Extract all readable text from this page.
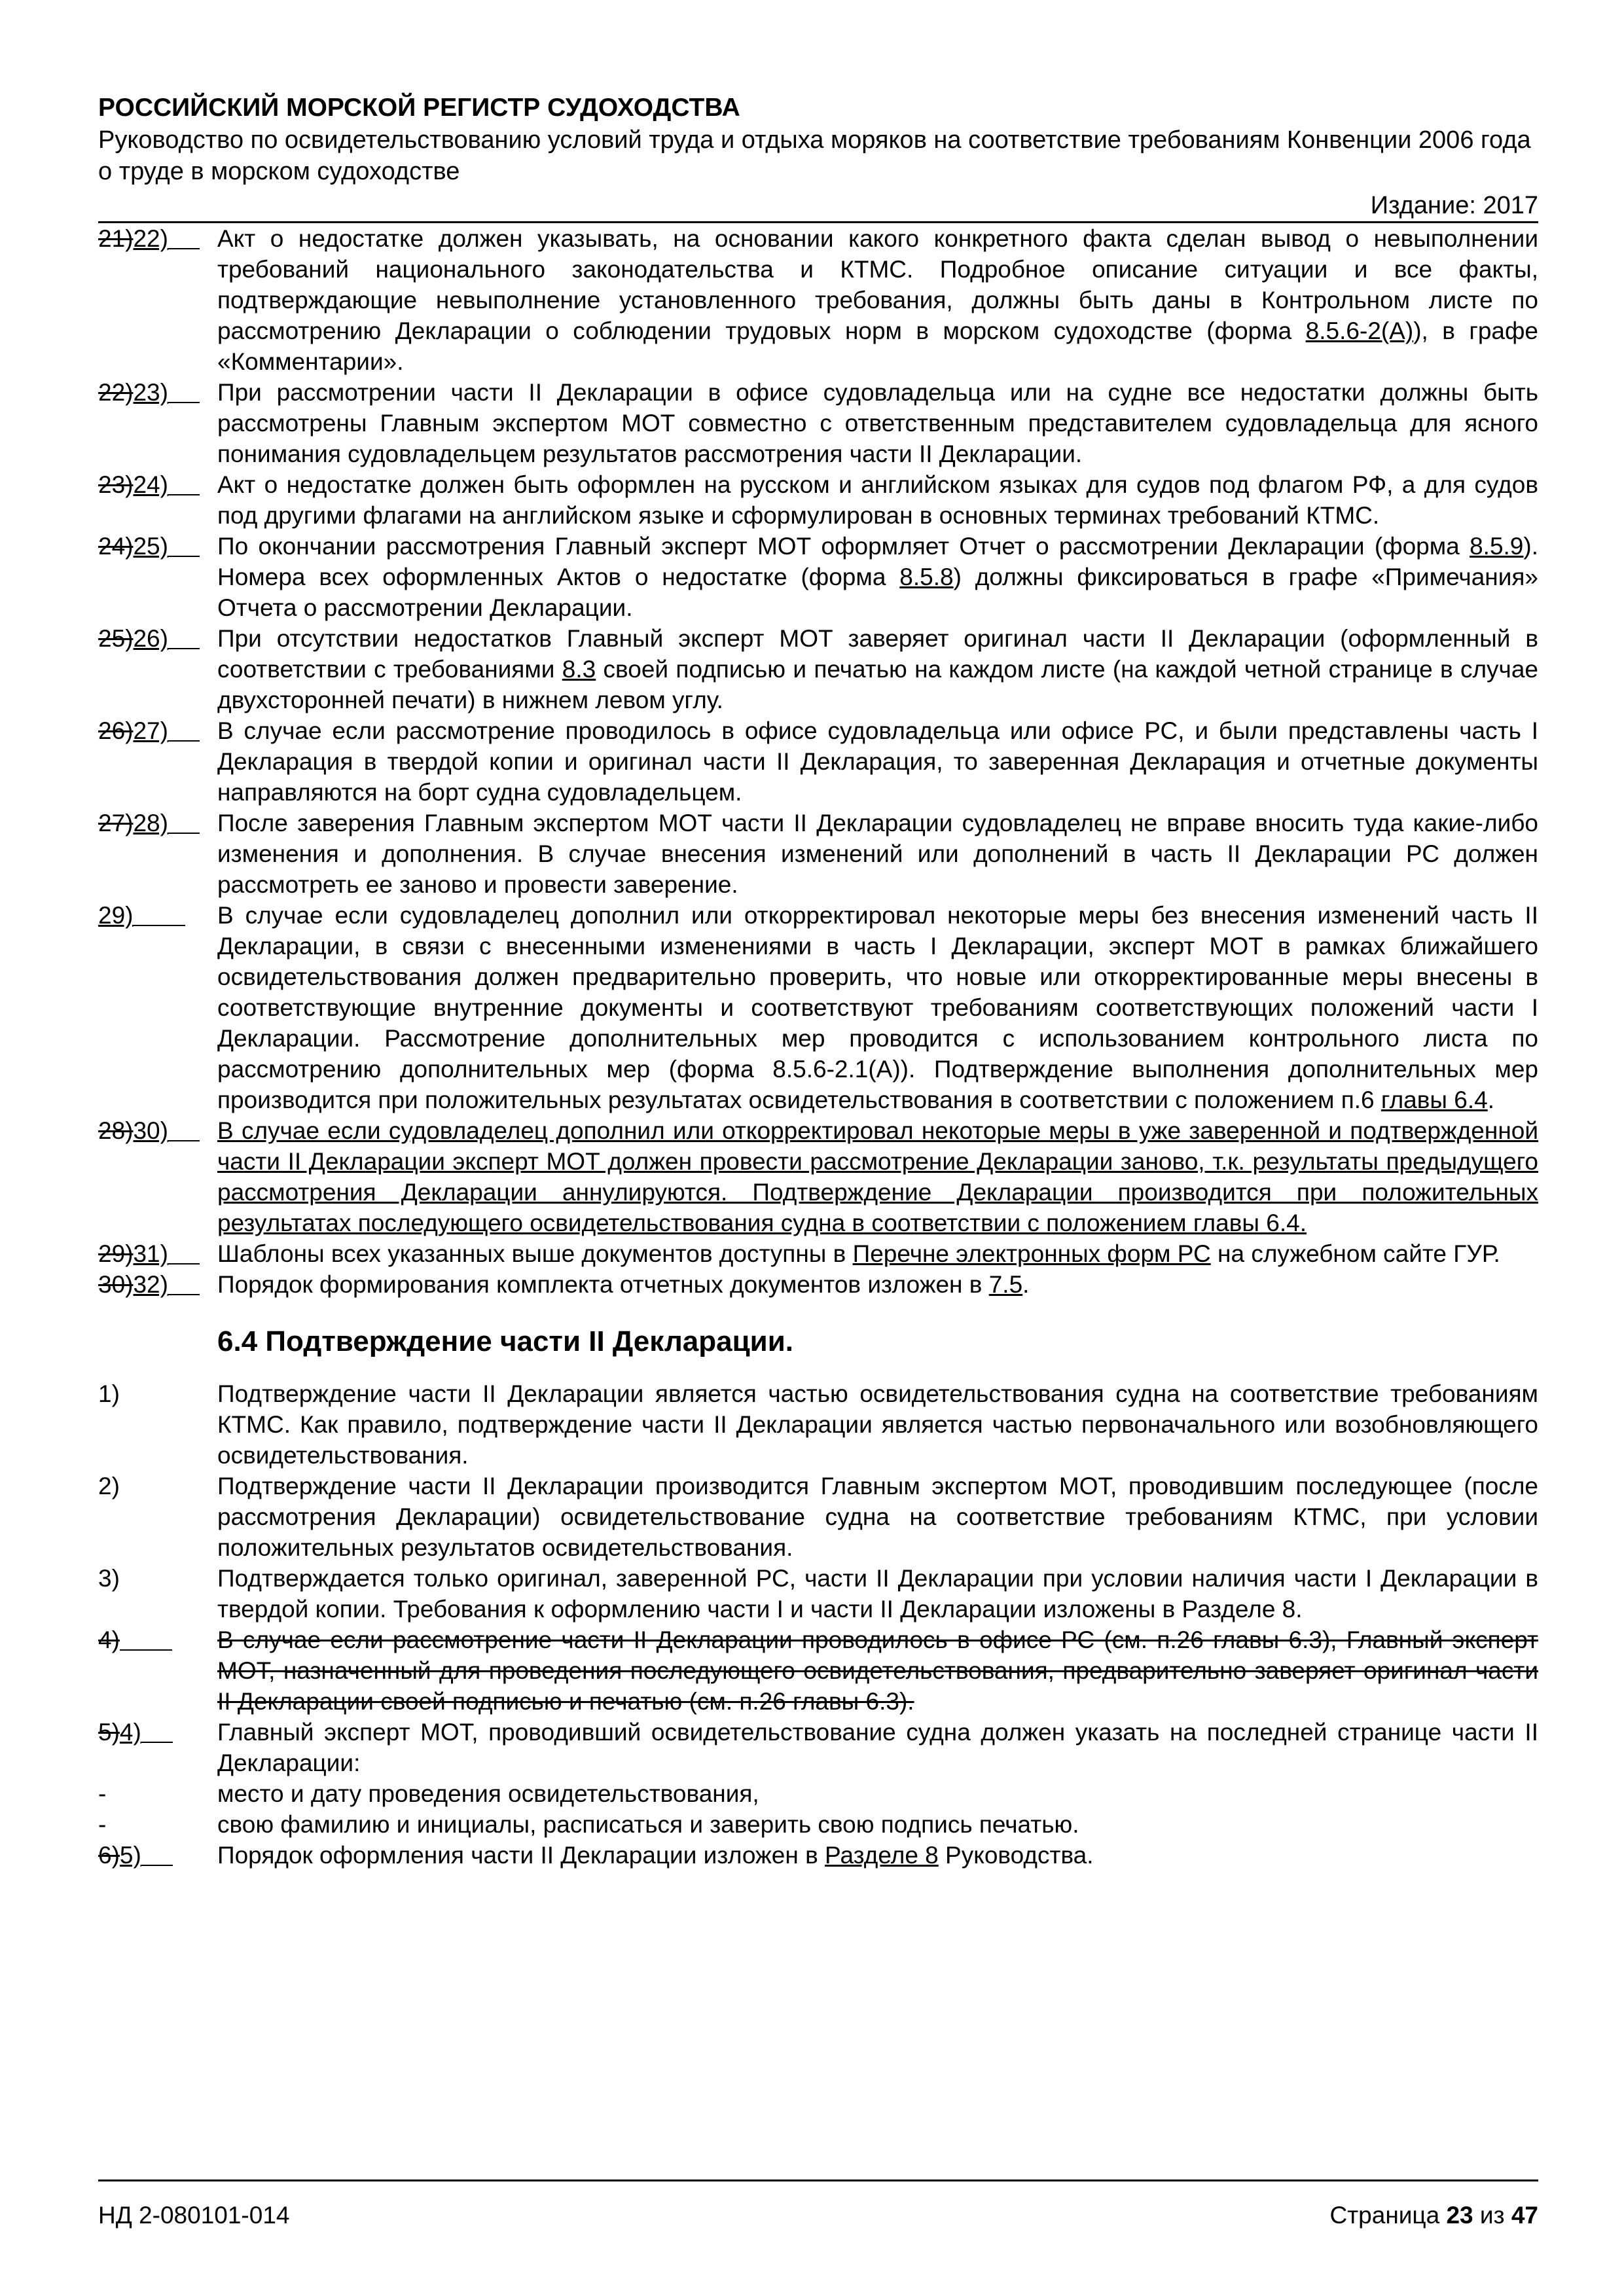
РОССИЙСКИЙ МОРСКОЙ РЕГИСТР СУДОХОДСТВА

Руководство по освидетельствованию условий труда и отдыха моряков на соответствие требованиям Конвенции 2006 года о труде в морском судоходстве

Издание: 2017
21)22)	Акт о недостатке должен указывать, на основании какого конкретного факта сделан вывод о невыполнении требований национального законодательства и КТМС. Подробное описание ситуации и все факты, подтверждающие невыполнение установленного требования, должны быть даны в Контрольном листе по рассмотрению Декларации о соблюдении трудовых норм в морском судоходстве (форма 8.5.6-2(А)), в графе «Комментарии».
22)23)	При рассмотрении части II Декларации в офисе судовладельца или на судне все недостатки должны быть рассмотрены Главным экспертом МОТ совместно с ответственным представителем судовладельца для ясного понимания судовладельцем результатов рассмотрения части II Декларации.
23)24)	Акт о недостатке должен быть оформлен на русском и английском языках для судов под флагом РФ, а для судов под другими флагами на английском языке и сформулирован в основных терминах требований КТМС.
24)25)	По окончании рассмотрения Главный эксперт МОТ оформляет Отчет о рассмотрении Декларации (форма 8.5.9). Номера всех оформленных Актов о недостатке (форма 8.5.8) должны фиксироваться в графе «Примечания» Отчета о рассмотрении Декларации.
25)26)	При отсутствии недостатков Главный эксперт МОТ заверяет оригинал части II Декларации (оформленный в соответствии с требованиями 8.3 своей подписью и печатью на каждом листе (на каждой четной странице в случае двухсторонней печати) в нижнем левом углу.
26)27)	В случае если рассмотрение проводилось в офисе судовладельца или офисе РС, и были представлены часть I Декларация в твердой копии и оригинал части II Декларация, то заверенная Декларация и отчетные документы направляются на борт судна судовладельцем.
27)28)	После заверения Главным экспертом МОТ части II Декларации судовладелец не вправе вносить туда какие-либо изменения и дополнения. В случае внесения изменений или дополнений в часть II Декларации РС должен рассмотреть ее заново и провести заверение.
29)	В случае если судовладелец дополнил или откорректировал некоторые меры без внесения изменений часть II Декларации, в связи с внесенными изменениями в часть I Декларации, эксперт МОТ в рамках ближайшего освидетельствования должен предварительно проверить, что новые или откорректированные меры внесены в соответствующие внутренние документы и соответствуют требованиям соответствующих положений части I Декларации. Рассмотрение дополнительных мер проводится с использованием контрольного листа по рассмотрению дополнительных мер (форма 8.5.6-2.1(А)). Подтверждение выполнения дополнительных мер производится при положительных результатах освидетельствования в соответствии с положением п.6 главы 6.4.
28)30)	В случае если судовладелец дополнил или откорректировал некоторые меры в уже заверенной и подтвержденной части II Декларации эксперт МОТ должен провести рассмотрение Декларации заново, т.к. результаты предыдущего рассмотрения Декларации аннулируются. Подтверждение Декларации производится при положительных результатах последующего освидетельствования судна в соответствии с положением главы 6.4.
29)31)	Шаблоны всех указанных выше документов доступны в Перечне электронных форм РС на служебном сайте ГУР.
30)32)	Порядок формирования комплекта отчетных документов изложен в 7.5.
6.4 Подтверждение части II Декларации.
1)	Подтверждение части II Декларации является частью освидетельствования судна на соответствие требованиям КТМС. Как правило, подтверждение части II Декларации является частью первоначального или возобновляющего освидетельствования.
2)	Подтверждение части II Декларации производится Главным экспертом МОТ, проводившим последующее (после рассмотрения Декларации) освидетельствование судна на соответствие требованиям КТМС, при условии положительных результатов освидетельствования.
3)	Подтверждается только оригинал, заверенной РС, части II Декларации при условии наличия части I Декларации в твердой копии. Требования к оформлению части I и части II Декларации изложены в Разделе 8.
4)	В случае если рассмотрение части II Декларации проводилось в офисе РС (см. п.26 главы 6.3), Главный эксперт МОТ, назначенный для проведения последующего освидетельствования, предварительно заверяет оригинал части II Декларации своей подписью и печатью (см. п.26 главы 6.3).
5)4)	Главный эксперт МОТ, проводивший освидетельствование судна должен указать на последней странице части II Декларации:
-	место и дату проведения освидетельствования,
-	свою фамилию и инициалы, расписаться и заверить свою подпись печатью.
6)5)	Порядок оформления части II Декларации изложен в Разделе 8 Руководства.
НД 2-080101-014	Страница 23 из 47
